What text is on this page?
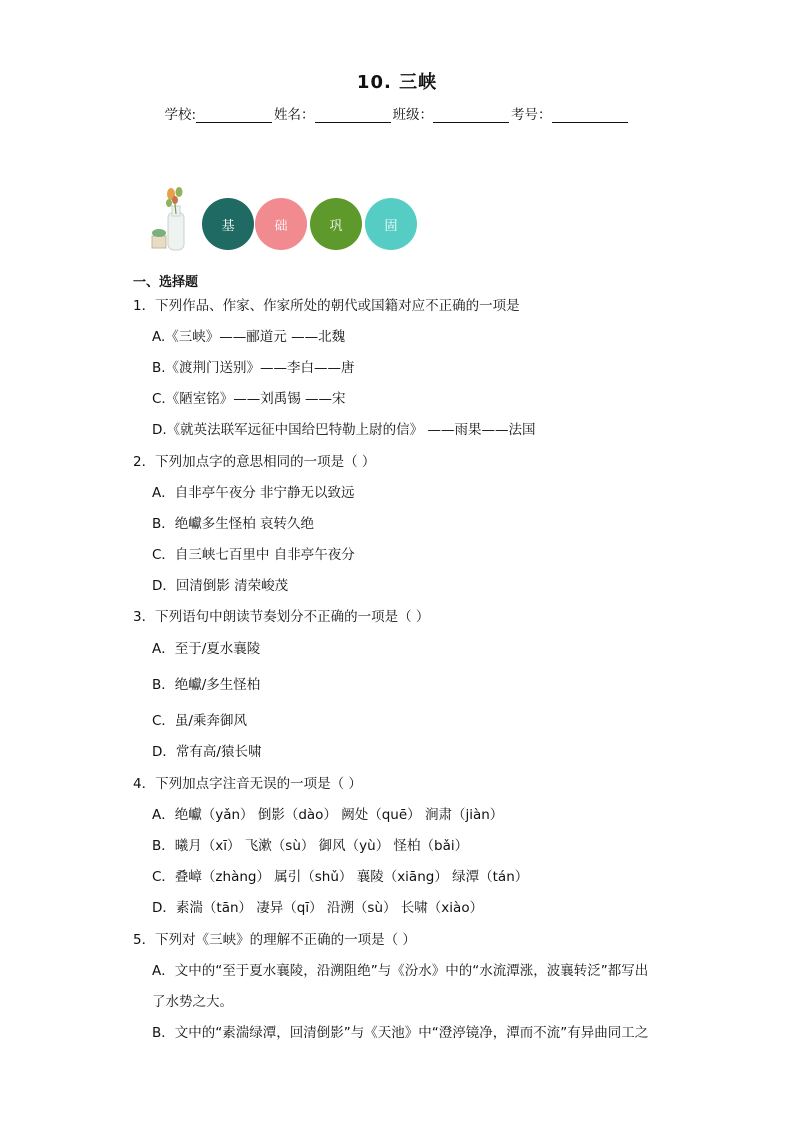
10. 三峡
学校:	姓名：	班级：	考号：
基	础	巩	固
一、选择题
1．下列作品、作家、作家所处的朝代或国籍对应不正确的一项是
A.《三峡》——郦道元 ——北魏
B.《渡荆门送别》——李白——唐
C.《陋室铭》——刘禹锡 ——宋
D.《就英法联军远征中国给巴特勒上尉的信》 ——雨果——法国
2．下列加点字的意思相同的一项是（ ）
A．自非亭午夜分 非宁静无以致远
B．绝巘多生怪柏 哀转久绝
C．自三峡七百里中 自非亭午夜分
D．回清倒影 清荣峻茂
3．下列语句中朗读节奏划分不正确的一项是（ ）
A．至于/夏水襄陵
B．绝巘/多生怪柏
C．虽/乘奔御风
D．常有高/猿长啸
4．下列加点字注音无误的一项是（ ）
A．绝巘（yǎn） 倒影（dào） 阙处（quē） 涧肃（jiàn）
B．曦月（xī） 飞漱（sù） 御风（yù） 怪柏（bǎi）
C．叠嶂（zhàng） 属引（shǔ） 襄陵（xiāng） 绿潭（tán）
D．素湍（tān） 凄异（qī） 沿溯（sù） 长啸（xiào）
5．下列对《三峡》的理解不正确的一项是（ ）
A．文中的“至于夏水襄陵，沿溯阻绝”与《汾水》中的“水流潭涨，波襄转泛”都写出
了水势之大。
B．文中的“素湍绿潭，回清倒影”与《天池》中“澄渟镜净，潭而不流”有异曲同工之
